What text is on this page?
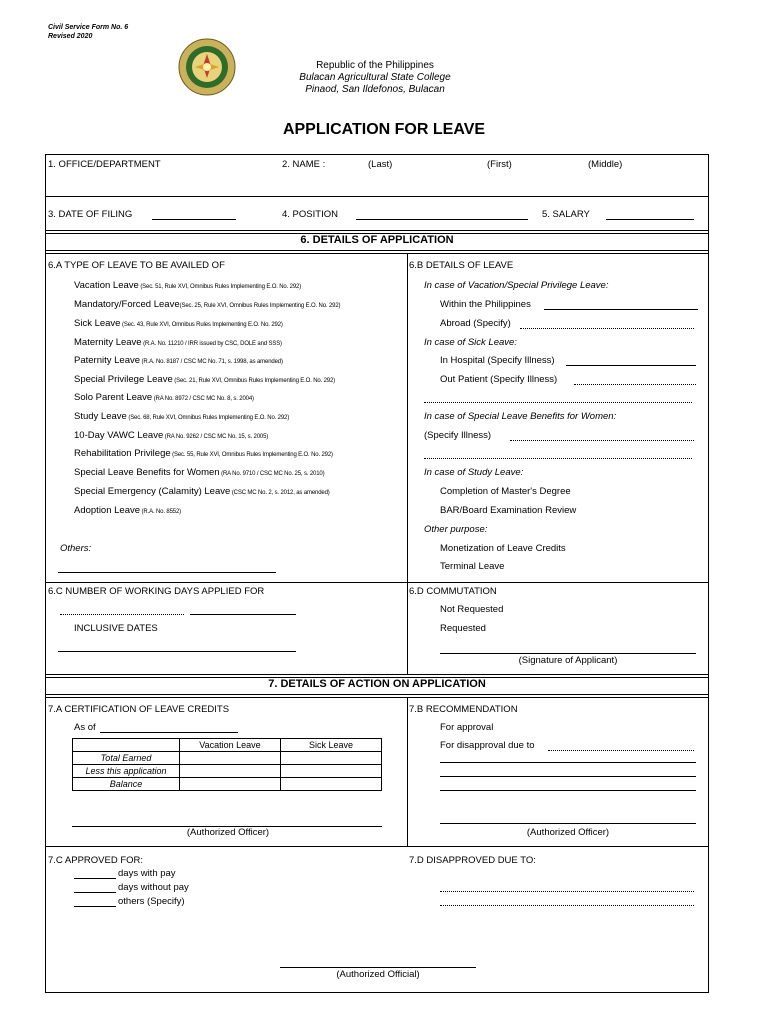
Civil Service Form No. 6
Revised 2020
Republic of the Philippines
Bulacan Agricultural State College
Pinaod, San Ildefonos, Bulacan
APPLICATION FOR LEAVE
1. OFFICE/DEPARTMENT	2. NAME :	(Last)	(First)	(Middle)
3. DATE OF FILING	4. POSITION	5. SALARY
6. DETAILS OF APPLICATION
6.A TYPE OF LEAVE TO BE AVAILED OF
Vacation Leave (Sec. 51, Rule XVI, Omnibus Rules Implementing E.O. No. 292)
Mandatory/Forced Leave(Sec. 25, Rule XVI, Omnibus Rules Implementing E.O. No. 292)
Sick Leave (Sec. 43, Rule XVI, Omnibus Rules Implementing E.O. No. 292)
Maternity Leave (R.A. No. 11210 / IRR issued by CSC, DOLE and SSS)
Paternity Leave (R.A. No. 8187 / CSC MC No. 71, s. 1998, as amended)
Special Privilege Leave (Sec. 21, Rule XVI, Omnibus Rules Implementing E.O. No. 292)
Solo Parent Leave (RA No. 8972 / CSC MC No. 8, s. 2004)
Study Leave (Sec. 68, Rule XVI, Omnibus Rules Implementing E.O. No. 292)
10-Day VAWC Leave (RA No. 9262 / CSC MC No. 15, s. 2005)
Rehabilitation Privilege (Sec. 55, Rule XVI, Omnibus Rules Implementing E.O. No. 292)
Special Leave Benefits for Women (RA No. 9710 / CSC MC No. 25, s. 2010)
Special Emergency (Calamity) Leave (CSC MC No. 2, s. 2012, as amended)
Adoption Leave (R.A. No. 8552)
Others:
6.B DETAILS OF LEAVE
In case of Vacation/Special Privilege Leave:
Within the Philippines
Abroad (Specify)
In case of Sick Leave:
In Hospital (Specify Illness)
Out Patient (Specify Illness)
In case of Special Leave Benefits for Women:
(Specify Illness)
In case of Study Leave:
Completion of Master's Degree
BAR/Board Examination Review
Other purpose:
Monetization of Leave Credits
Terminal Leave
6.C NUMBER OF WORKING DAYS APPLIED FOR
INCLUSIVE DATES
6.D COMMUTATION
Not Requested
Requested
(Signature of Applicant)
7. DETAILS OF ACTION ON APPLICATION
7.A CERTIFICATION OF LEAVE CREDITS
As of
	Vacation Leave	Sick Leave
Total Earned		
Less this application		
Balance		
(Authorized Officer)
7.B RECOMMENDATION
For approval
For disapproval due to
(Authorized Officer)
7.C APPROVED FOR:
days with pay
days without pay
others (Specify)
7.D DISAPPROVED DUE TO:
(Authorized Official)
